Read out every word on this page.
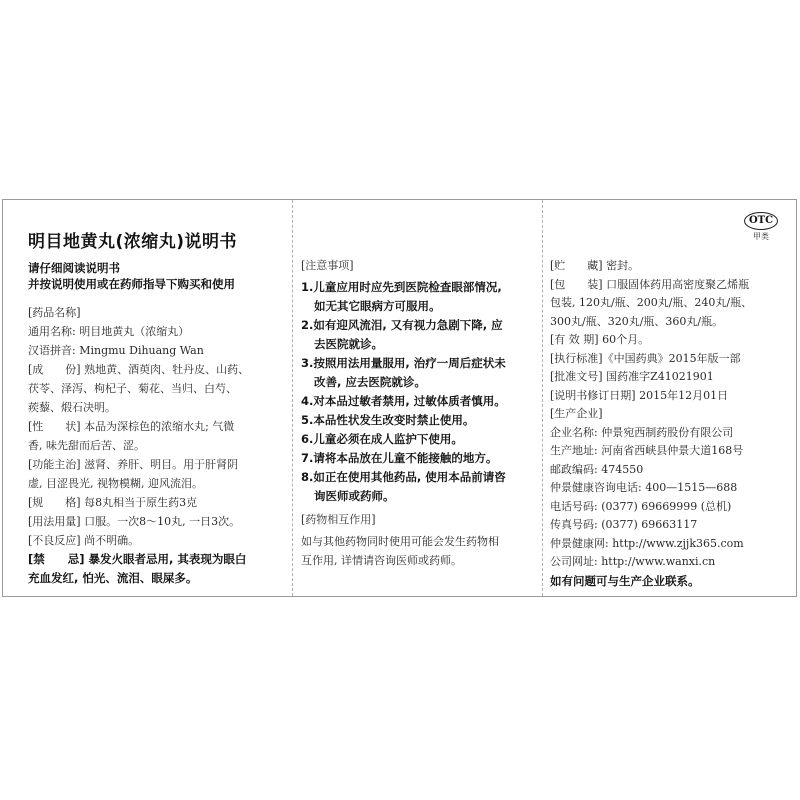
明目地黄丸(浓缩丸)说明书
请仔细阅读说明书
并按说明使用或在药师指导下购买和使用
[药品名称]
通用名称: 明目地黄丸（浓缩丸）
汉语拼音: Mingmu Dihuang Wan
[成　　份] 熟地黄、酒萸肉、牡丹皮、山药、
茯苓、泽泻、枸杞子、菊花、当归、白芍、
蒺藜、煅石决明。
[性　　状] 本品为深棕色的浓缩水丸; 气微
香, 味先甜而后苦、涩。
[功能主治] 滋肾、养肝、明目。用于肝肾阴
虚, 目涩畏光, 视物模糊, 迎风流泪。
[规　　格] 每8丸相当于原生药3克
[用法用量] 口服。一次8～10丸, 一日3次。
[不良反应] 尚不明确。
[禁　　忌] 暴发火眼者忌用, 其表现为眼白
充血发红, 怕光、流泪、眼屎多。
[注意事项]
1.儿童应用时应先到医院检查眼部情况,
如无其它眼病方可服用。
2.如有迎风流泪, 又有视力急剧下降, 应
去医院就诊。
3.按照用法用量服用, 治疗一周后症状未
改善, 应去医院就诊。
4.对本品过敏者禁用, 过敏体质者慎用。
5.本品性状发生改变时禁止使用。
6.儿童必须在成人监护下使用。
7.请将本品放在儿童不能接触的地方。
8.如正在使用其他药品, 使用本品前请咨
询医师或药师。
[药物相互作用]
如与其他药物同时使用可能会发生药物相
互作用, 详情请咨询医师或药师。
OTC
甲类
[贮　　藏] 密封。
[包　　装] 口服固体药用高密度聚乙烯瓶
包装, 120丸/瓶、200丸/瓶、240丸/瓶、
300丸/瓶、320丸/瓶、360丸/瓶。
[有 效 期] 60个月。
[执行标准]《中国药典》2015年版一部
[批准文号] 国药准字Z41021901
[说明书修订日期] 2015年12月01日
[生产企业]
企业名称: 仲景宛西制药股份有限公司
生产地址: 河南省西峡县仲景大道168号
邮政编码: 474550
仲景健康咨询电话: 400—1515—688
电话号码: (0377) 69669999 (总机)
传真号码: (0377) 69663117
仲景健康网: http://www.zjjk365.com
公司网址: http://www.wanxi.cn
如有问题可与生产企业联系。
